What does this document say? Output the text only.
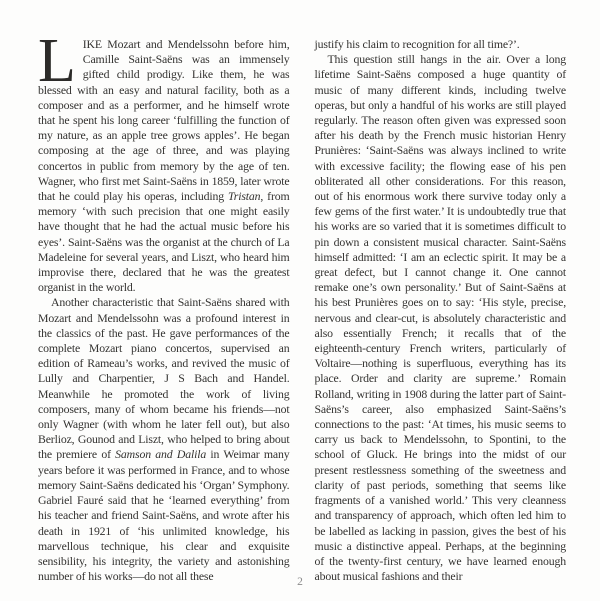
LIKE Mozart and Mendelssohn before him, Camille Saint-Saëns was an immensely gifted child prodigy. Like them, he was blessed with an easy and natural facility, both as a composer and as a performer, and he himself wrote that he spent his long career ‘fulfilling the function of my nature, as an apple tree grows apples’. He began composing at the age of three, and was playing concertos in public from memory by the age of ten. Wagner, who first met Saint-Saëns in 1859, later wrote that he could play his operas, including Tristan, from memory ‘with such precision that one might easily have thought that he had the actual music before his eyes’. Saint-Saëns was the organist at the church of La Madeleine for several years, and Liszt, who heard him improvise there, declared that he was the greatest organist in the world.

Another characteristic that Saint-Saëns shared with Mozart and Mendelssohn was a profound interest in the classics of the past. He gave performances of the complete Mozart piano concertos, supervised an edition of Rameau’s works, and revived the music of Lully and Charpentier, J S Bach and Handel. Meanwhile he promoted the work of living composers, many of whom became his friends—not only Wagner (with whom he later fell out), but also Berlioz, Gounod and Liszt, who helped to bring about the premiere of Samson and Dalila in Weimar many years before it was performed in France, and to whose memory Saint-Saëns dedicated his ‘Organ’ Symphony. Gabriel Fauré said that he ‘learned everything’ from his teacher and friend Saint-Saëns, and wrote after his death in 1921 of ‘his unlimited knowledge, his marvellous technique, his clear and exquisite sensibility, his integrity, the variety and astonishing number of his works—do not all these

justify his claim to recognition for all time?’.

This question still hangs in the air. Over a long lifetime Saint-Saëns composed a huge quantity of music of many different kinds, including twelve operas, but only a handful of his works are still played regularly. The reason often given was expressed soon after his death by the French music historian Henry Prunières: ‘Saint-Saëns was always inclined to write with excessive facility; the flowing ease of his pen obliterated all other considerations. For this reason, out of his enormous work there survive today only a few gems of the first water.’ It is undoubtedly true that his works are so varied that it is sometimes difficult to pin down a consistent musical character. Saint-Saëns himself admitted: ‘I am an eclectic spirit. It may be a great defect, but I cannot change it. One cannot remake one’s own personality.’ But of Saint-Saëns at his best Prunières goes on to say: ‘His style, precise, nervous and clear-cut, is absolutely characteristic and also essentially French; it recalls that of the eighteenth-century French writers, particularly of Voltaire—nothing is superfluous, everything has its place. Order and clarity are supreme.’ Romain Rolland, writing in 1908 during the latter part of Saint-Saëns’s career, also emphasized Saint-Saëns’s connections to the past: ‘At times, his music seems to carry us back to Mendelssohn, to Spontini, to the school of Gluck. He brings into the midst of our present restlessness something of the sweetness and clarity of past periods, something that seems like fragments of a vanished world.’ This very cleanness and transparency of approach, which often led him to be labelled as lacking in passion, gives the best of his music a distinctive appeal. Perhaps, at the beginning of the twenty-first century, we have learned enough about musical fashions and their

2
